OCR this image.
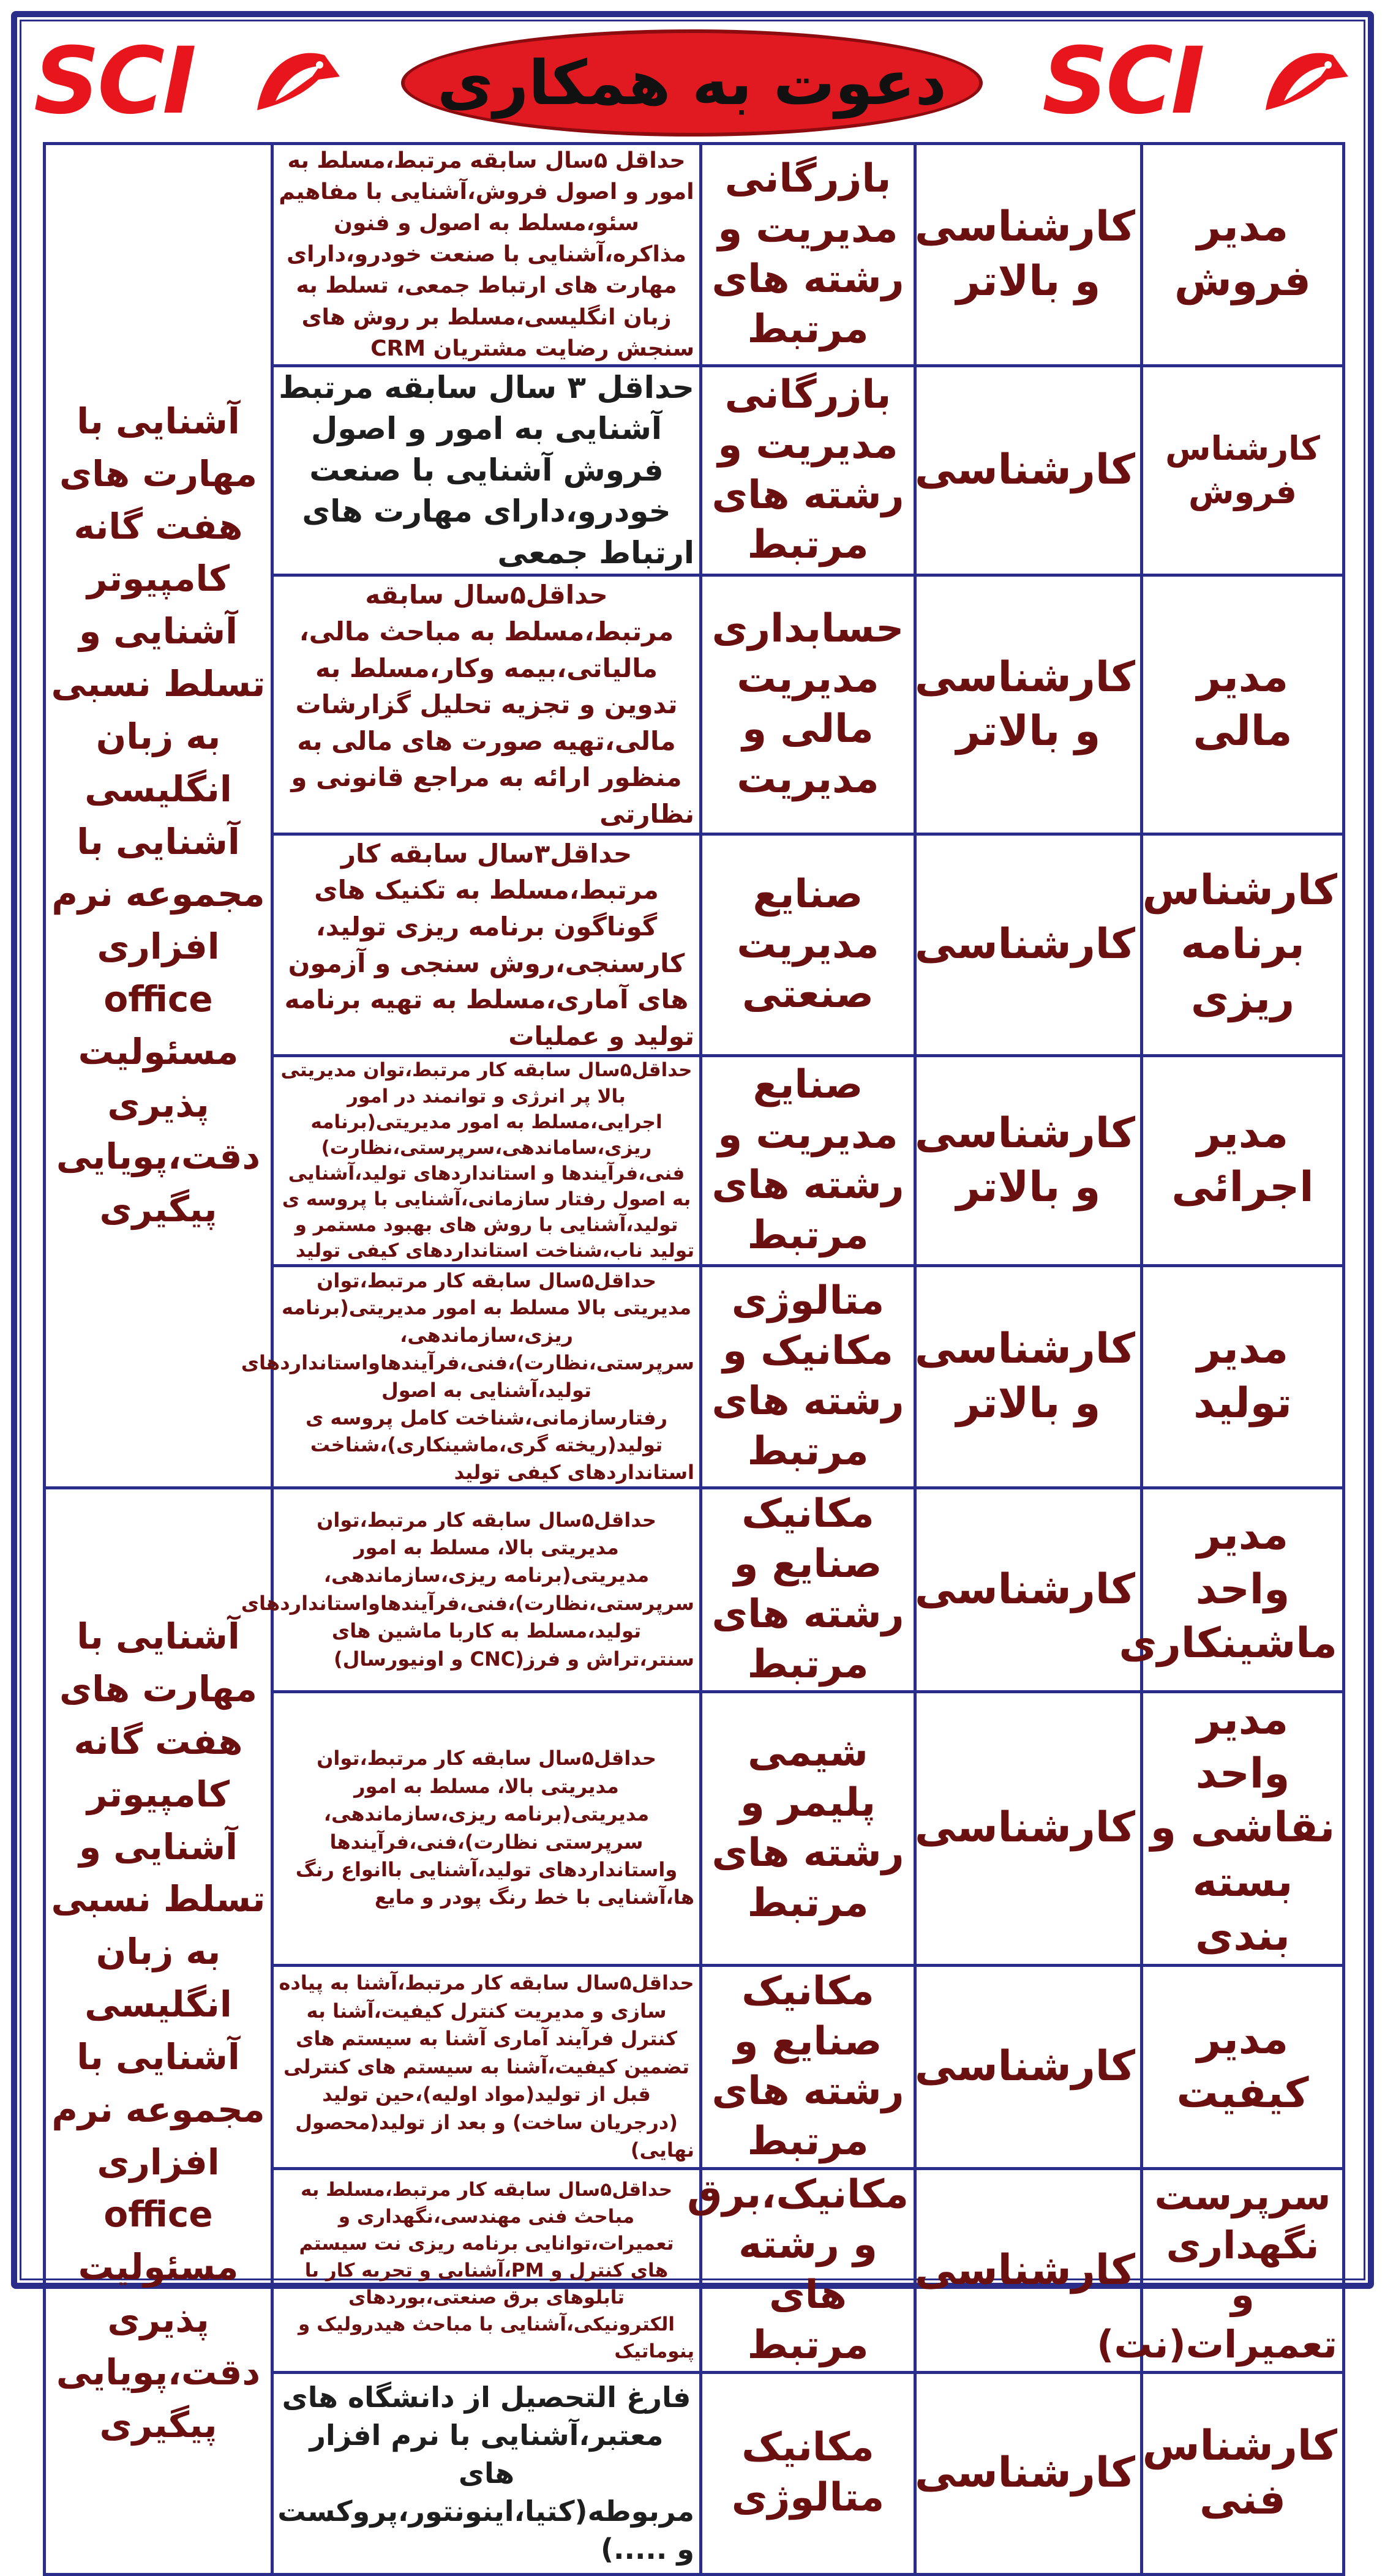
SCI	SCI
دعوت به همکاری
مدیر فروش	کارشناسی و بالاتر	بازرگانی مدیریت و رشته های مرتبط	حداقل ۵سال سابقه مرتبط،مسلط به امور و اصول فروش،آشنایی با مفاهیم سئو،مسلط به اصول و فنون مذاکره،آشنایی با صنعت خودرو،دارای مهارت های ارتباط جمعی، تسلط به زبان انگلیسی،مسلط بر روش های سنجش رضایت مشتریان CRM	آشنایی با مهارت های هفت گانه کامپیوتر آشنایی و تسلط نسبی به زبان انگلیسی آشنایی با مجموعه نرم افزاری office مسئولیت پذیری دقت،پویایی پیگیری
کارشناس فروش	کارشناسی	بازرگانی مدیریت و رشته های مرتبط	حداقل ۳ سال سابقه مرتبط آشنایی به امور و اصول فروش آشنایی با صنعت خودرو،دارای مهارت های ارتباط جمعی	
مدیر مالی	کارشناسی و بالاتر	حسابداری مدیریت مالی و مدیریت	حداقل۵سال سابقه مرتبط،مسلط به مباحث مالی، مالیاتی،بیمه وکار،مسلط به تدوین و تجزیه تحلیل گزارشات مالی،تهیه صورت های مالی به منظور ارائه به مراجع قانونی و نظارتی	
کارشناس برنامه ریزی	کارشناسی	صنایع مدیریت صنعتی	حداقل۳سال سابقه کار مرتبط،مسلط به تکنیک های گوناگون برنامه ریزی تولید، کارسنجی،روش سنجی و آزمون های آماری،مسلط به تهیه برنامه تولید و عملیات	
مدیر اجرائی	کارشناسی و بالاتر	صنایع مدیریت و رشته های مرتبط	حداقل۵سال سابقه کار مرتبط،توان مدیریتی بالا پر انرژی و توانمند در امور اجرایی،مسلط به امور مدیریتی(برنامه ریزی،ساماندهی،سرپرستی،نظارت) فنی،فرآیندها و استانداردهای تولید،آشنایی به اصول رفتار سازمانی،آشنایی با پروسه ی تولید،آشنایی با روش های بهبود مستمر و تولید ناب،شناخت استانداردهای کیفی تولید	
مدیر تولید	کارشناسی و بالاتر	متالوژی مکانیک و رشته های مرتبط	حداقل۵سال سابقه کار مرتبط،توان مدیریتی بالا مسلط به امور مدیریتی(برنامه ریزی،سازماندهی، سرپرستی،نظارت)،فنی،فرآیندهاواستانداردهای تولید،آشنایی به اصول رفتارسازمانی،شناخت کامل پروسه ی تولید(ریخته گری،ماشینکاری)،شناخت استانداردهای کیفی تولید	
مدیر واحد ماشینکاری	کارشناسی	مکانیک صنایع و رشته های مرتبط	حداقل۵سال سابقه کار مرتبط،توان مدیریتی بالا، مسلط به امور مدیریتی(برنامه ریزی،سازماندهی، سرپرستی،نظارت)،فنی،فرآیندهاواستانداردهای تولید،مسلط به کاربا ماشین های سنتر،تراش و فرز(CNC و اونیورسال)	آشنایی با مهارت های هفت گانه کامپیوتر آشنایی و تسلط نسبی به زبان انگلیسی آشنایی با مجموعه نرم افزاری office مسئولیت پذیری دقت،پویایی پیگیری
مدیر واحد نقاشی و بسته بندی	کارشناسی	شیمی پلیمر و رشته های مرتبط	حداقل۵سال سابقه کار مرتبط،توان مدیریتی بالا، مسلط به امور مدیریتی(برنامه ریزی،سازماندهی، سرپرستی نظارت)،فنی،فرآیندها واستانداردهای تولید،آشنایی باانواع رنگ ها،آشنایی با خط رنگ پودر و مایع	
مدیر کیفیت	کارشناسی	مکانیک صنایع و رشته های مرتبط	حداقل۵سال سابقه کار مرتبط،آشنا به پیاده سازی و مدیریت کنترل کیفیت،آشنا به کنترل فرآیند آماری آشنا به سیستم های تضمین کیفیت،آشنا به سیستم های کنترلی قبل از تولید(مواد اولیه)،حین تولید (درجریان ساخت) و بعد از تولید(محصول نهایی)	
سرپرست نگهداری و تعمیرات(نت)	کارشناسی	مکانیک،برق و رشته های مرتبط	حداقل۵سال سابقه کار مرتبط،مسلط به مباحث فنی مهندسی،نگهداری و تعمیرات،توانایی برنامه ریزی نت سیستم های کنترل و PM،آشنایی و تجربه کار با تابلوهای برق صنعتی،بوردهای الکترونیکی،آشنایی با مباحث هیدرولیک و پنوماتیک	
کارشناس فنی	کارشناسی	مکانیک متالوژی	فارغ التحصیل از دانشگاه های معتبر،آشنایی با نرم افزار های مربوطه(کتیا،اینونتور،پروکست و .....)	
